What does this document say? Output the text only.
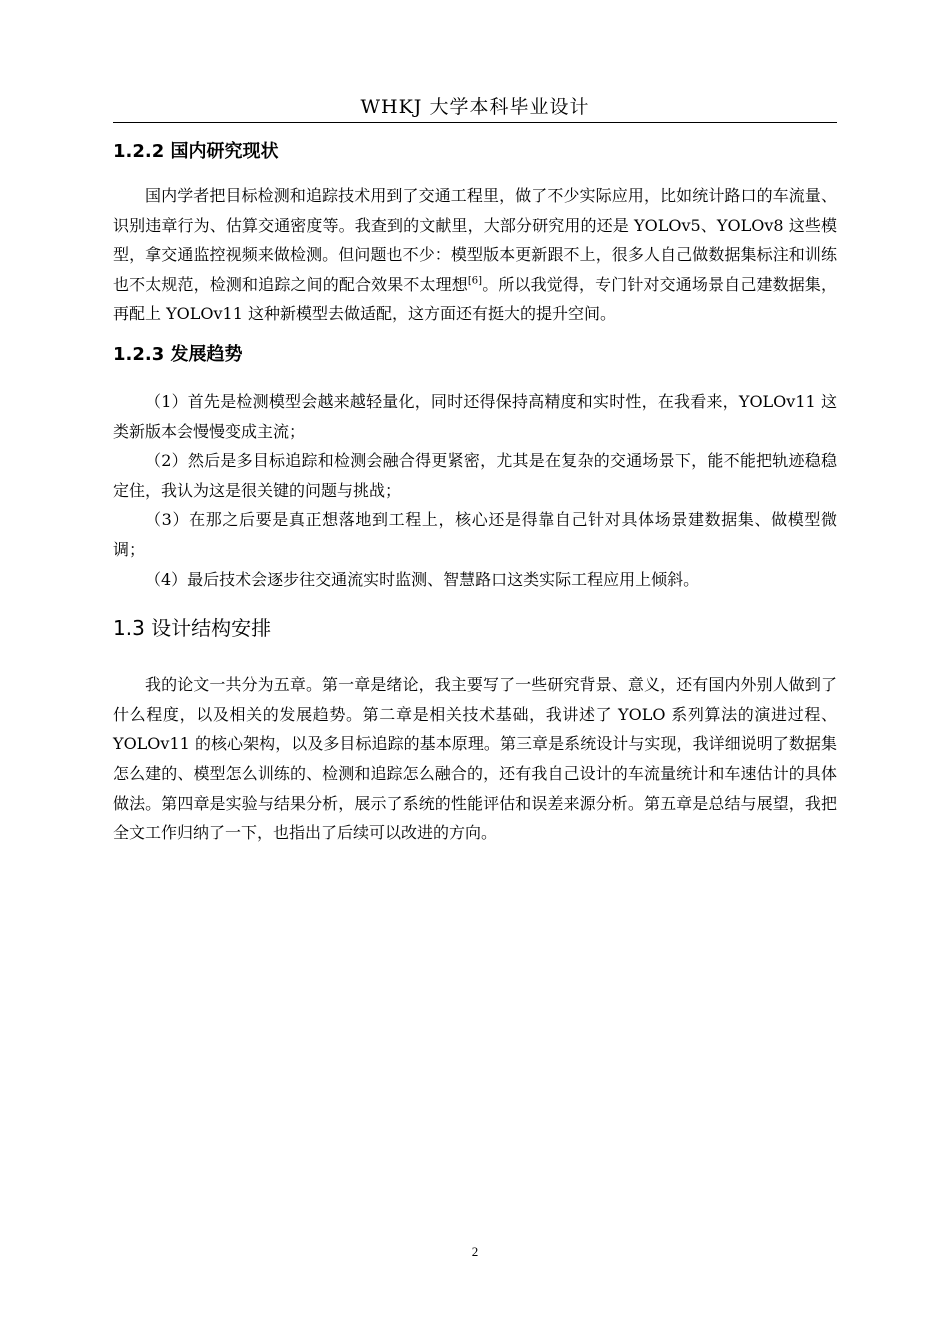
WHKJ 大学本科毕业设计
1.2.2 国内研究现状

国内学者把目标检测和追踪技术用到了交通工程里，做了不少实际应用，比如统计路口的车流量、识别违章行为、估算交通密度等。我查到的文献里，大部分研究用的还是 YOLOv5、YOLOv8 这些模型，拿交通监控视频来做检测。但问题也不少：模型版本更新跟不上，很多人自己做数据集标注和训练也不太规范，检测和追踪之间的配合效果不太理想[6]。所以我觉得，专门针对交通场景自己建数据集，再配上 YOLOv11 这种新模型去做适配，这方面还有挺大的提升空间。

1.2.3 发展趋势

（1）首先是检测模型会越来越轻量化，同时还得保持高精度和实时性，在我看来，YOLOv11 这类新版本会慢慢变成主流；

（2）然后是多目标追踪和检测会融合得更紧密，尤其是在复杂的交通场景下，能不能把轨迹稳稳定住，我认为这是很关键的问题与挑战；

（3）在那之后要是真正想落地到工程上，核心还是得靠自己针对具体场景建数据集、做模型微调；

（4）最后技术会逐步往交通流实时监测、智慧路口这类实际工程应用上倾斜。

1.3 设计结构安排

我的论文一共分为五章。第一章是绪论，我主要写了一些研究背景、意义，还有国内外别人做到了什么程度，以及相关的发展趋势。第二章是相关技术基础，我讲述了 YOLO 系列算法的演进过程、YOLOv11 的核心架构，以及多目标追踪的基本原理。第三章是系统设计与实现，我详细说明了数据集怎么建的、模型怎么训练的、检测和追踪怎么融合的，还有我自己设计的车流量统计和车速估计的具体做法。第四章是实验与结果分析，展示了系统的性能评估和误差来源分析。第五章是总结与展望，我把全文工作归纳了一下，也指出了后续可以改进的方向。

2
